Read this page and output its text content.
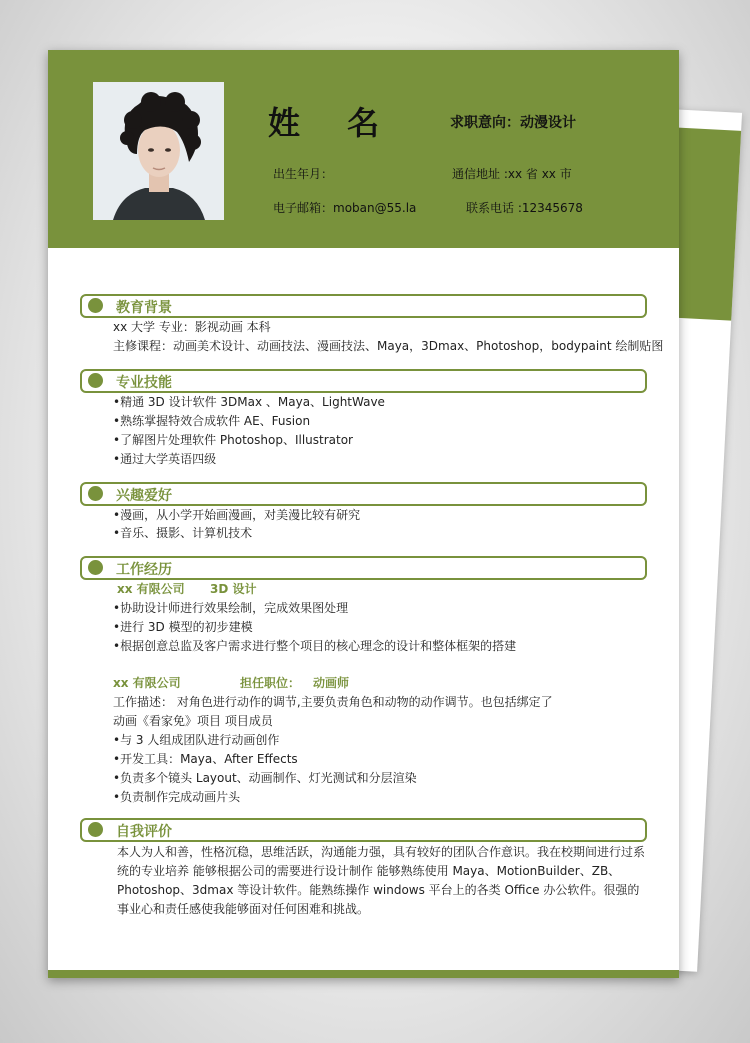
姓 名	求职意向：动漫设计
出生年月：	通信地址 :xx 省 xx 市
电子邮箱：moban@55.la	联系电话 :12345678
教育背景
xx 大学 专业：影视动画 本科
主修课程：动画美术设计、动画技法、漫画技法、Maya，3Dmax、Photoshop，bodypaint 绘制贴图
专业技能
•精通 3D 设计软件 3DMax 、Maya、LightWave
•熟练掌握特效合成软件 AE、Fusion
•了解图片处理软件 Photoshop、Illustrator
•通过大学英语四级
兴趣爱好
•漫画，从小学开始画漫画，对美漫比较有研究
•音乐、摄影、计算机技术
工作经历
xx 有限公司 3D 设计
•协助设计师进行效果绘制，完成效果图处理
•进行 3D 模型的初步建模
•根据创意总监及客户需求进行整个项目的核心理念的设计和整体框架的搭建
xx 有限公司	担任职位： 动画师
工作描述： 对角色进行动作的调节,主要负责角色和动物的动作调节。也包括绑定了
动画《看家免》项目 项目成员
•与 3 人组成团队进行动画创作
•开发工具：Maya、After Effects
•负责多个镜头 Layout、动画制作、灯光测试和分层渲染
•负责制作完成动画片头
自我评价
本人为人和善，性格沉稳，思维活跃，沟通能力强，具有较好的团队合作意识。我在校期间进行过系统的专业培养 能够根据公司的需要进行设计制作 能够熟练使用 Maya、MotionBuilder、ZB、Photoshop、3dmax 等设计软件。能熟练操作 windows 平台上的各类 Office 办公软件。很强的事业心和责任感使我能够面对任何困难和挑战。
